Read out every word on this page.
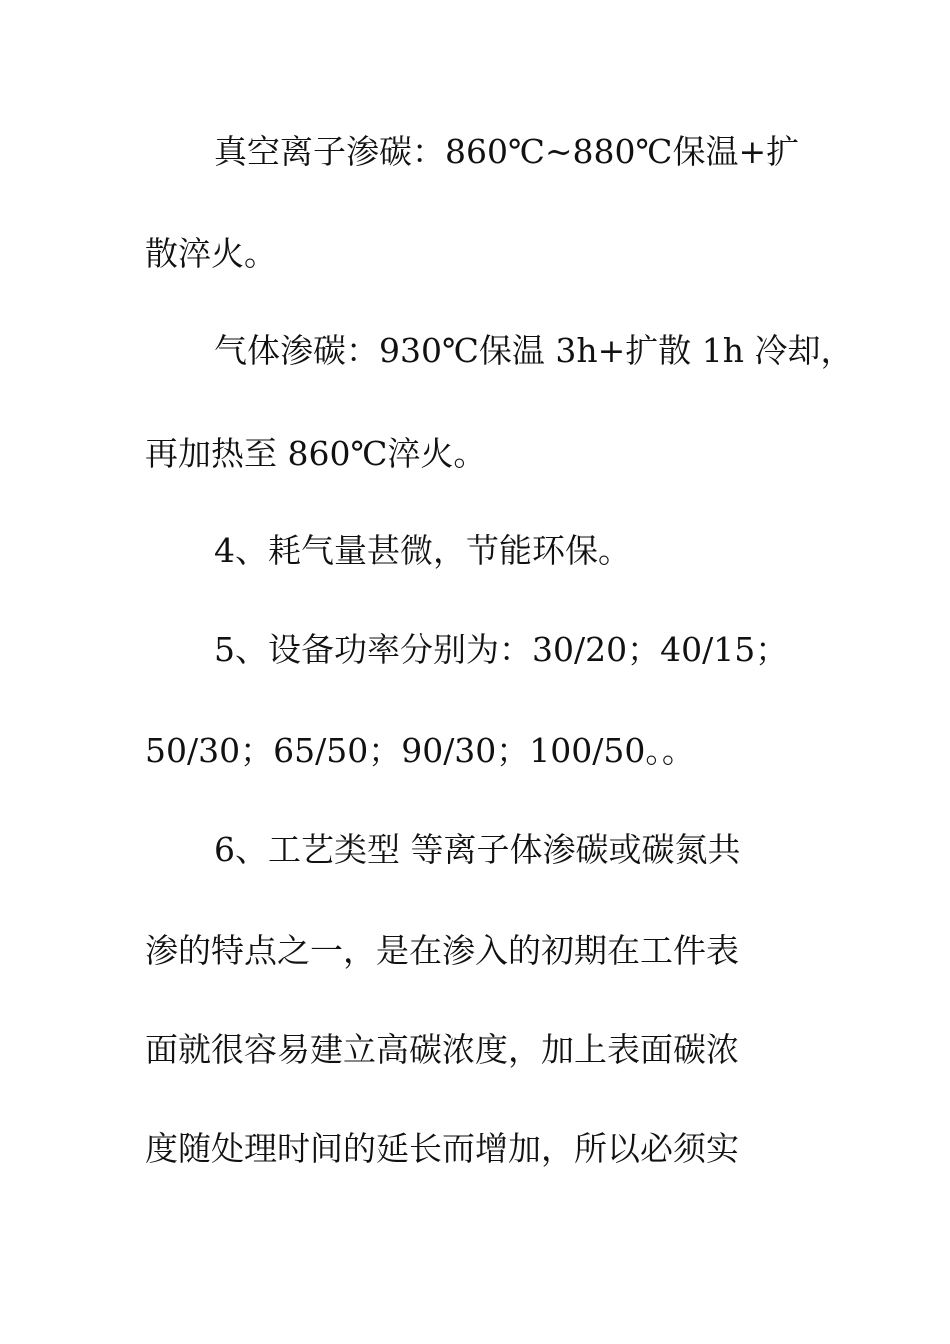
真空离子渗碳：860℃~880℃保温+扩
散淬火。
气体渗碳：930℃保温 3h+扩散 1h 冷却，
再加热至 860℃淬火。
4、耗气量甚微，节能环保。
5、设备功率分别为：30/20；40/15；
50/30；65/50；90/30；100/50。。
6、工艺类型 等离子体渗碳或碳氮共
渗的特点之一，是在渗入的初期在工件表
面就很容易建立高碳浓度，加上表面碳浓
度随处理时间的延长而增加，所以必须实
